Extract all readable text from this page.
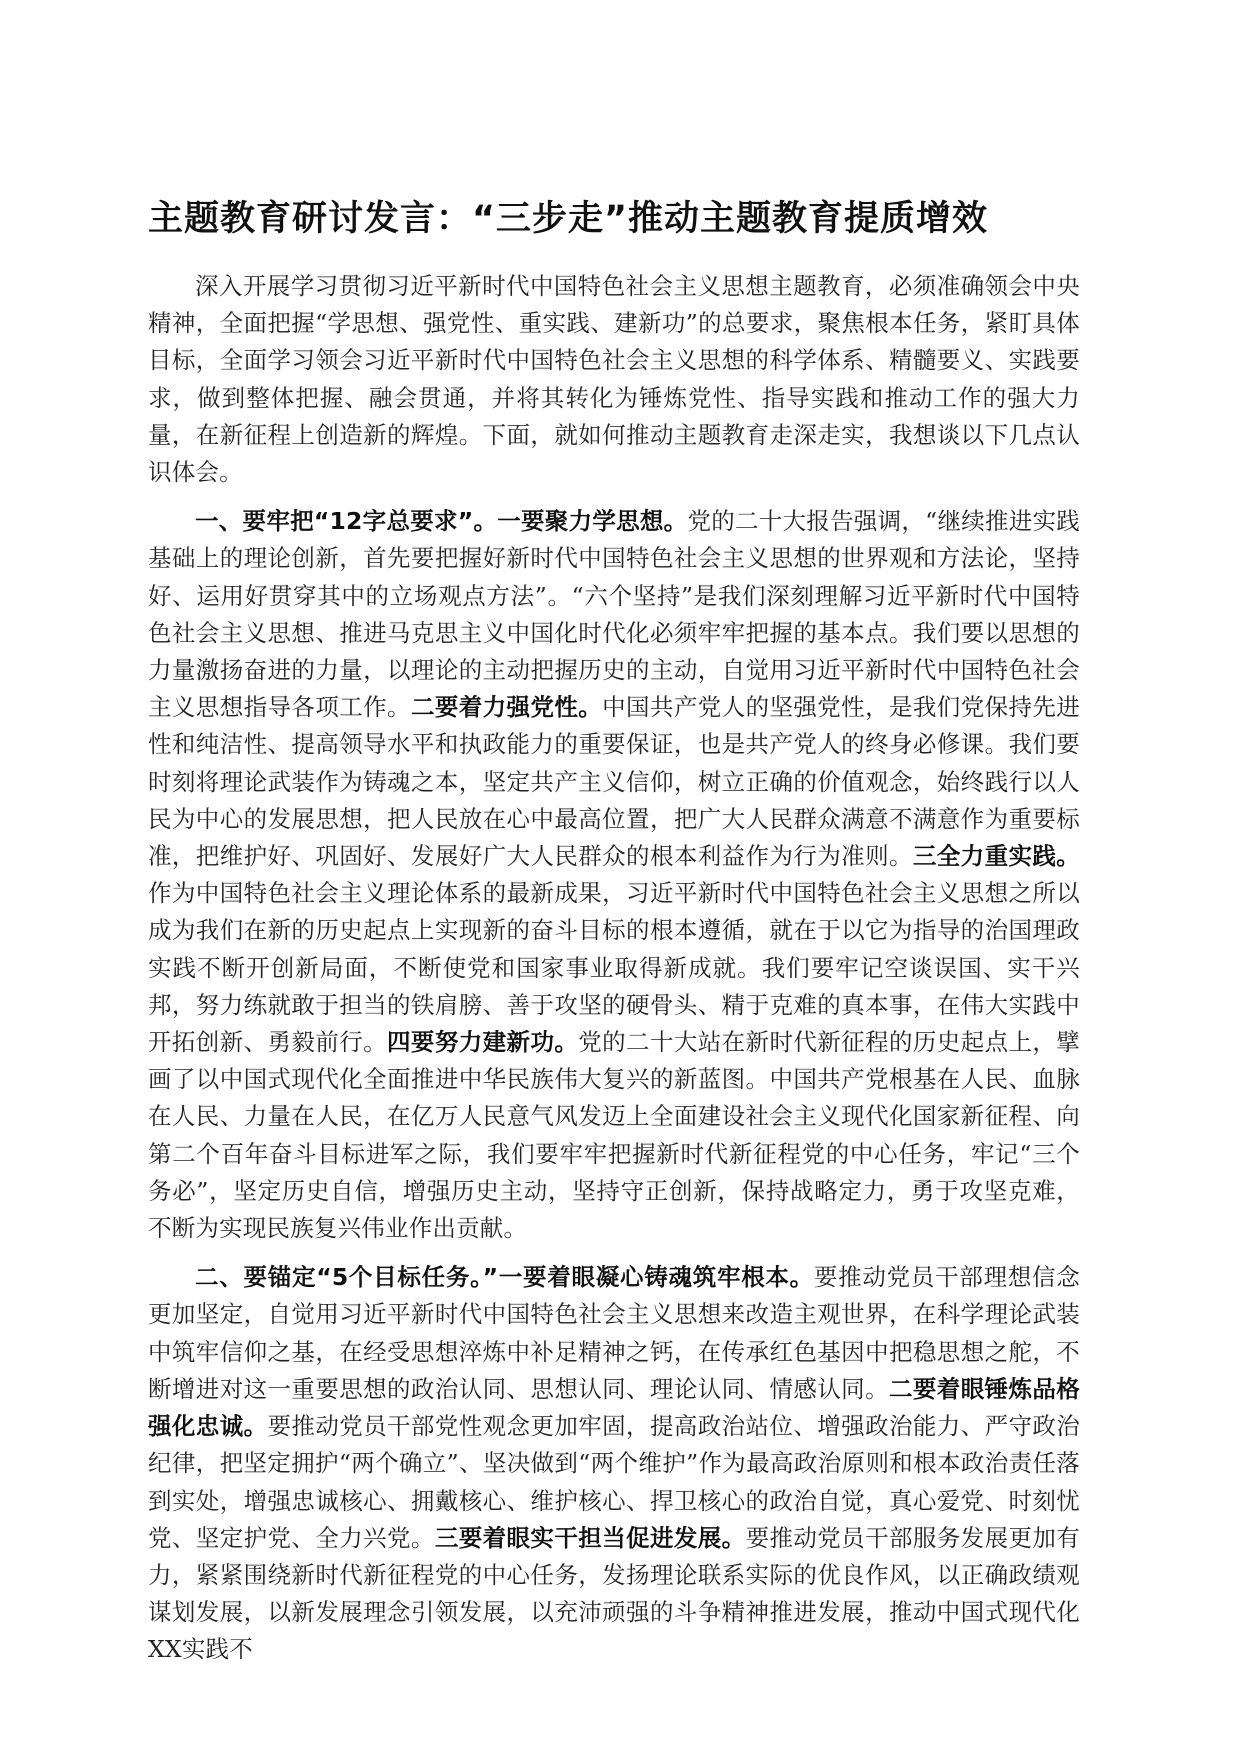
主题教育研讨发言：“三步走”推动主题教育提质增效

深入开展学习贯彻习近平新时代中国特色社会主义思想主题教育，必须准确领会中央精神，全面把握“学思想、强党性、重实践、建新功”的总要求，聚焦根本任务，紧盯具体目标，全面学习领会习近平新时代中国特色社会主义思想的科学体系、精髓要义、实践要求，做到整体把握、融会贯通，并将其转化为锤炼党性、指导实践和推动工作的强大力量，在新征程上创造新的辉煌。下面，就如何推动主题教育走深走实，我想谈以下几点认识体会。

一、要牢把“12字总要求”。一要聚力学思想。党的二十大报告强调，“继续推进实践基础上的理论创新，首先要把握好新时代中国特色社会主义思想的世界观和方法论，坚持好、运用好贯穿其中的立场观点方法”。“六个坚持”是我们深刻理解习近平新时代中国特色社会主义思想、推进马克思主义中国化时代化必须牢牢把握的基本点。我们要以思想的力量激扬奋进的力量，以理论的主动把握历史的主动，自觉用习近平新时代中国特色社会主义思想指导各项工作。二要着力强党性。中国共产党人的坚强党性，是我们党保持先进性和纯洁性、提高领导水平和执政能力的重要保证，也是共产党人的终身必修课。我们要时刻将理论武装作为铸魂之本，坚定共产主义信仰，树立正确的价值观念，始终践行以人民为中心的发展思想，把人民放在心中最高位置，把广大人民群众满意不满意作为重要标准，把维护好、巩固好、发展好广大人民群众的根本利益作为行为准则。三全力重实践。作为中国特色社会主义理论体系的最新成果，习近平新时代中国特色社会主义思想之所以成为我们在新的历史起点上实现新的奋斗目标的根本遵循，就在于以它为指导的治国理政实践不断开创新局面，不断使党和国家事业取得新成就。我们要牢记空谈误国、实干兴邦，努力练就敢于担当的铁肩膀、善于攻坚的硬骨头、精于克难的真本事，在伟大实践中开拓创新、勇毅前行。四要努力建新功。党的二十大站在新时代新征程的历史起点上，擘画了以中国式现代化全面推进中华民族伟大复兴的新蓝图。中国共产党根基在人民、血脉在人民、力量在人民，在亿万人民意气风发迈上全面建设社会主义现代化国家新征程、向第二个百年奋斗目标进军之际，我们要牢牢把握新时代新征程党的中心任务，牢记“三个务必”，坚定历史自信，增强历史主动，坚持守正创新，保持战略定力，勇于攻坚克难，不断为实现民族复兴伟业作出贡献。

二、要锚定“5个目标任务。”一要着眼凝心铸魂筑牢根本。要推动党员干部理想信念更加坚定，自觉用习近平新时代中国特色社会主义思想来改造主观世界，在科学理论武装中筑牢信仰之基，在经受思想淬炼中补足精神之钙，在传承红色基因中把稳思想之舵，不断增进对这一重要思想的政治认同、思想认同、理论认同、情感认同。二要着眼锤炼品格强化忠诚。要推动党员干部党性观念更加牢固，提高政治站位、增强政治能力、严守政治纪律，把坚定拥护“两个确立”、坚决做到“两个维护”作为最高政治原则和根本政治责任落到实处，增强忠诚核心、拥戴核心、维护核心、捍卫核心的政治自觉，真心爱党、时刻忧党、坚定护党、全力兴党。三要着眼实干担当促进发展。要推动党员干部服务发展更加有力，紧紧围绕新时代新征程党的中心任务，发扬理论联系实际的优良作风，以正确政绩观谋划发展，以新发展理念引领发展，以充沛顽强的斗争精神推进发展，推动中国式现代化XX实践不
